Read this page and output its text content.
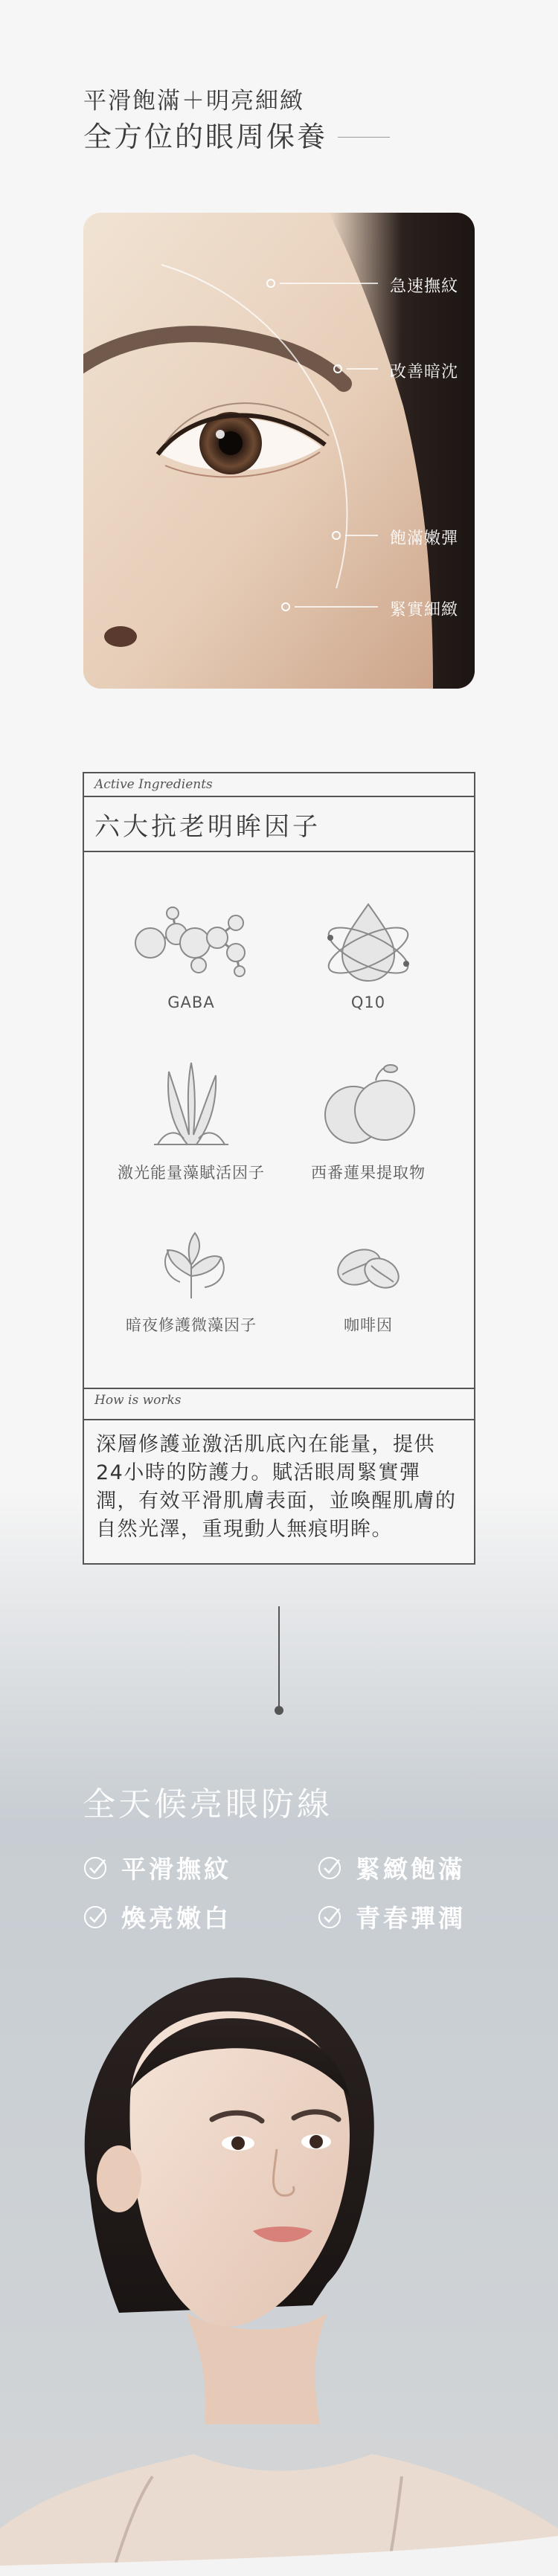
平滑飽滿＋明亮細緻
全方位的眼周保養
急速撫紋
改善暗沈
飽滿嫩彈
緊實細緻
Active Ingredients
六大抗老明眸因子
GABA	Q10
激光能量藻賦活因子	西番蓮果提取物
暗夜修護微藻因子	咖啡因
How is works
深層修護並激活肌底內在能量，提供24小時的防護力。賦活眼周緊實彈潤，有效平滑肌膚表面，並喚醒肌膚的自然光澤，重現動人無痕明眸。
全天候亮眼防線
平滑撫紋	緊緻飽滿
煥亮嫩白	青春彈潤
